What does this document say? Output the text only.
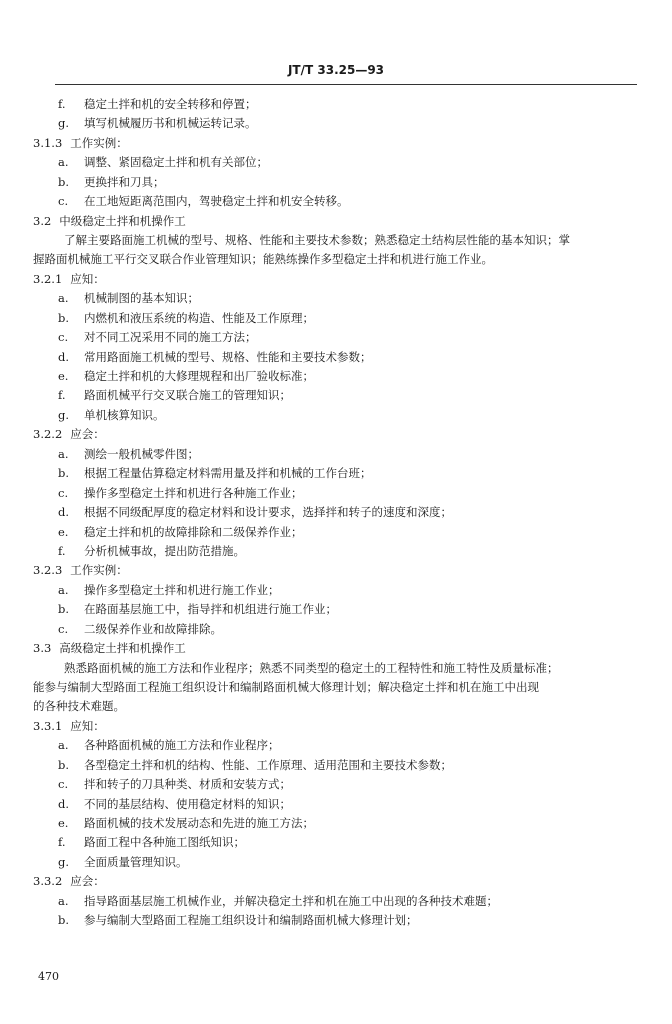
JT/T 33.25—93
f. 稳定土拌和机的安全转移和停置；
g. 填写机械履历书和机械运转记录。
3.1.3 工作实例：
a. 调整、紧固稳定土拌和机有关部位；
b. 更换拌和刀具；
c. 在工地短距离范围内，驾驶稳定土拌和机安全转移。
3.2 中级稳定土拌和机操作工
了解主要路面施工机械的型号、规格、性能和主要技术参数；熟悉稳定土结构层性能的基本知识；掌
握路面机械施工平行交叉联合作业管理知识；能熟练操作多型稳定土拌和机进行施工作业。
3.2.1 应知：
a. 机械制图的基本知识；
b. 内燃机和液压系统的构造、性能及工作原理；
c. 对不同工况采用不同的施工方法；
d. 常用路面施工机械的型号、规格、性能和主要技术参数；
e. 稳定土拌和机的大修理规程和出厂验收标准；
f. 路面机械平行交叉联合施工的管理知识；
g. 单机核算知识。
3.2.2 应会：
a. 测绘一般机械零件图；
b. 根据工程量估算稳定材料需用量及拌和机械的工作台班；
c. 操作多型稳定土拌和机进行各种施工作业；
d. 根据不同级配厚度的稳定材料和设计要求，选择拌和转子的速度和深度；
e. 稳定土拌和机的故障排除和二级保养作业；
f. 分析机械事故，提出防范措施。
3.2.3 工作实例：
a. 操作多型稳定土拌和机进行施工作业；
b. 在路面基层施工中，指导拌和机组进行施工作业；
c. 二级保养作业和故障排除。
3.3 高级稳定土拌和机操作工
熟悉路面机械的施工方法和作业程序；熟悉不同类型的稳定土的工程特性和施工特性及质量标准；
能参与编制大型路面工程施工组织设计和编制路面机械大修理计划；解决稳定土拌和机在施工中出现
的各种技术难题。
3.3.1 应知：
a. 各种路面机械的施工方法和作业程序；
b. 各型稳定土拌和机的结构、性能、工作原理、适用范围和主要技术参数；
c. 拌和转子的刀具种类、材质和安装方式；
d. 不同的基层结构、使用稳定材料的知识；
e. 路面机械的技术发展动态和先进的施工方法；
f. 路面工程中各种施工图纸知识；
g. 全面质量管理知识。
3.3.2 应会：
a. 指导路面基层施工机械作业，并解决稳定土拌和机在施工中出现的各种技术难题；
b. 参与编制大型路面工程施工组织设计和编制路面机械大修理计划；
470
